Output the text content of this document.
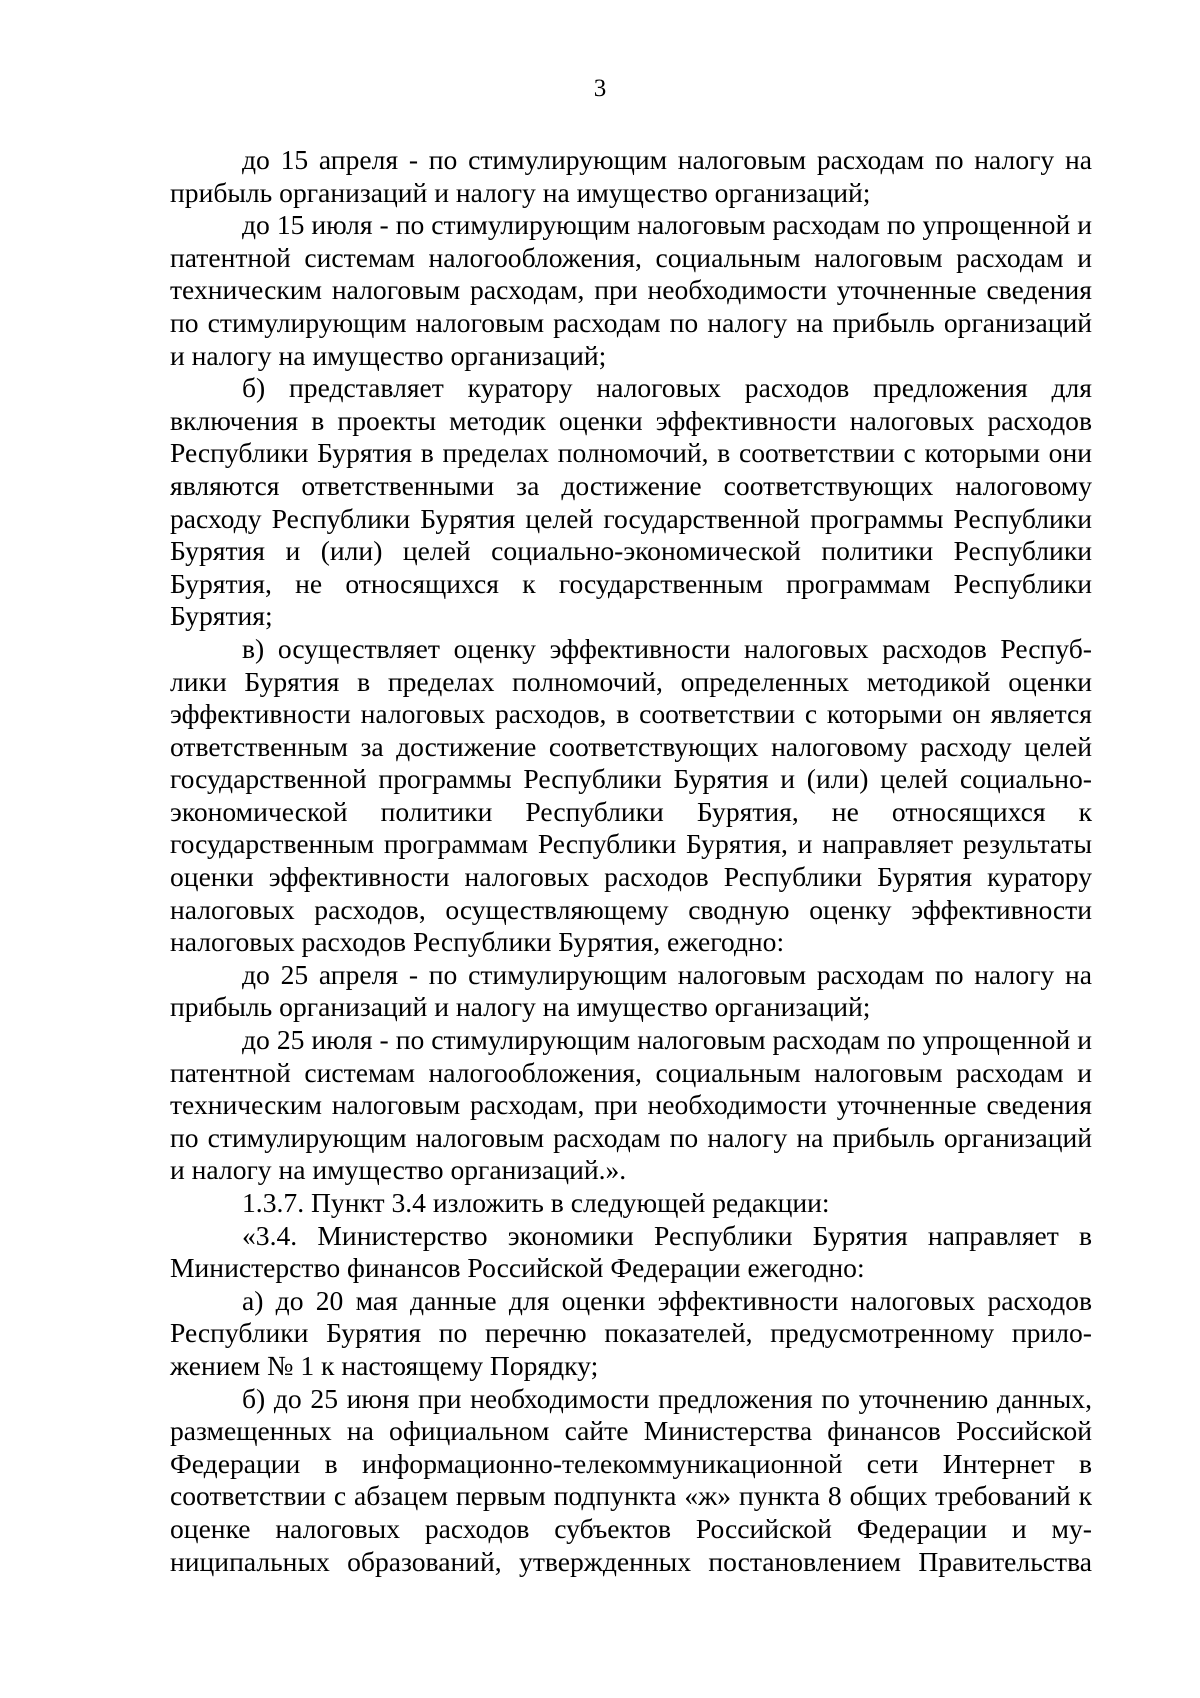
3

до 15 апреля - по стимулирующим налоговым расходам по налогу на прибыль организаций и налогу на имущество организаций;

до 15 июля - по стимулирующим налоговым расходам по упрощенной и патентной системам налогообложения, социальным налоговым расходам и техническим налоговым расходам, при необходимости уточненные сведения по стимулирующим налоговым расходам по налогу на прибыль организаций и налогу на имущество организаций;

б) представляет куратору налоговых расходов предложения для включения в проекты методик оценки эффективности налоговых расходов Республики Бурятия в пределах полномочий, в соответствии с которыми они являются ответственными за достижение соответствующих налоговому расходу Республики Бурятия целей государственной программы Республики Бурятия и (или) целей социально-экономической политики Республики Бурятия, не относящихся к государственным программам Республики Бурятия;

в) осуществляет оценку эффективности налоговых расходов Республики Бурятия в пределах полномочий, определенных методикой оценки эффективности налоговых расходов, в соответствии с которыми он является ответственным за достижение соответствующих налоговому расходу целей государственной программы Республики Бурятия и (или) целей социально-экономической политики Республики Бурятия, не относящихся к государственным программам Республики Бурятия, и направляет результаты оценки эффективности налоговых расходов Республики Бурятия куратору налоговых расходов, осуществляющему сводную оценку эффективности налоговых расходов Республики Бурятия, ежегодно:

до 25 апреля - по стимулирующим налоговым расходам по налогу на прибыль организаций и налогу на имущество организаций;

до 25 июля - по стимулирующим налоговым расходам по упрощенной и патентной системам налогообложения, социальным налоговым расходам и техническим налоговым расходам, при необходимости уточненные сведения по стимулирующим налоговым расходам по налогу на прибыль организаций и налогу на имущество организаций.».

1.3.7. Пункт 3.4 изложить в следующей редакции:

«3.4. Министерство экономики Республики Бурятия направляет в Министерство финансов Российской Федерации ежегодно:

а) до 20 мая данные для оценки эффективности налоговых расходов Республики Бурятия по перечню показателей, предусмотренному приложением № 1 к настоящему Порядку;

б) до 25 июня при необходимости предложения по уточнению данных, размещенных на официальном сайте Министерства финансов Российской Федерации в информационно-телекоммуникационной сети Интернет в соответствии с абзацем первым подпункта «ж» пункта 8 общих требований к оценке налоговых расходов субъектов Российской Федерации и муниципальных образований, утвержденных постановлением Правительства
